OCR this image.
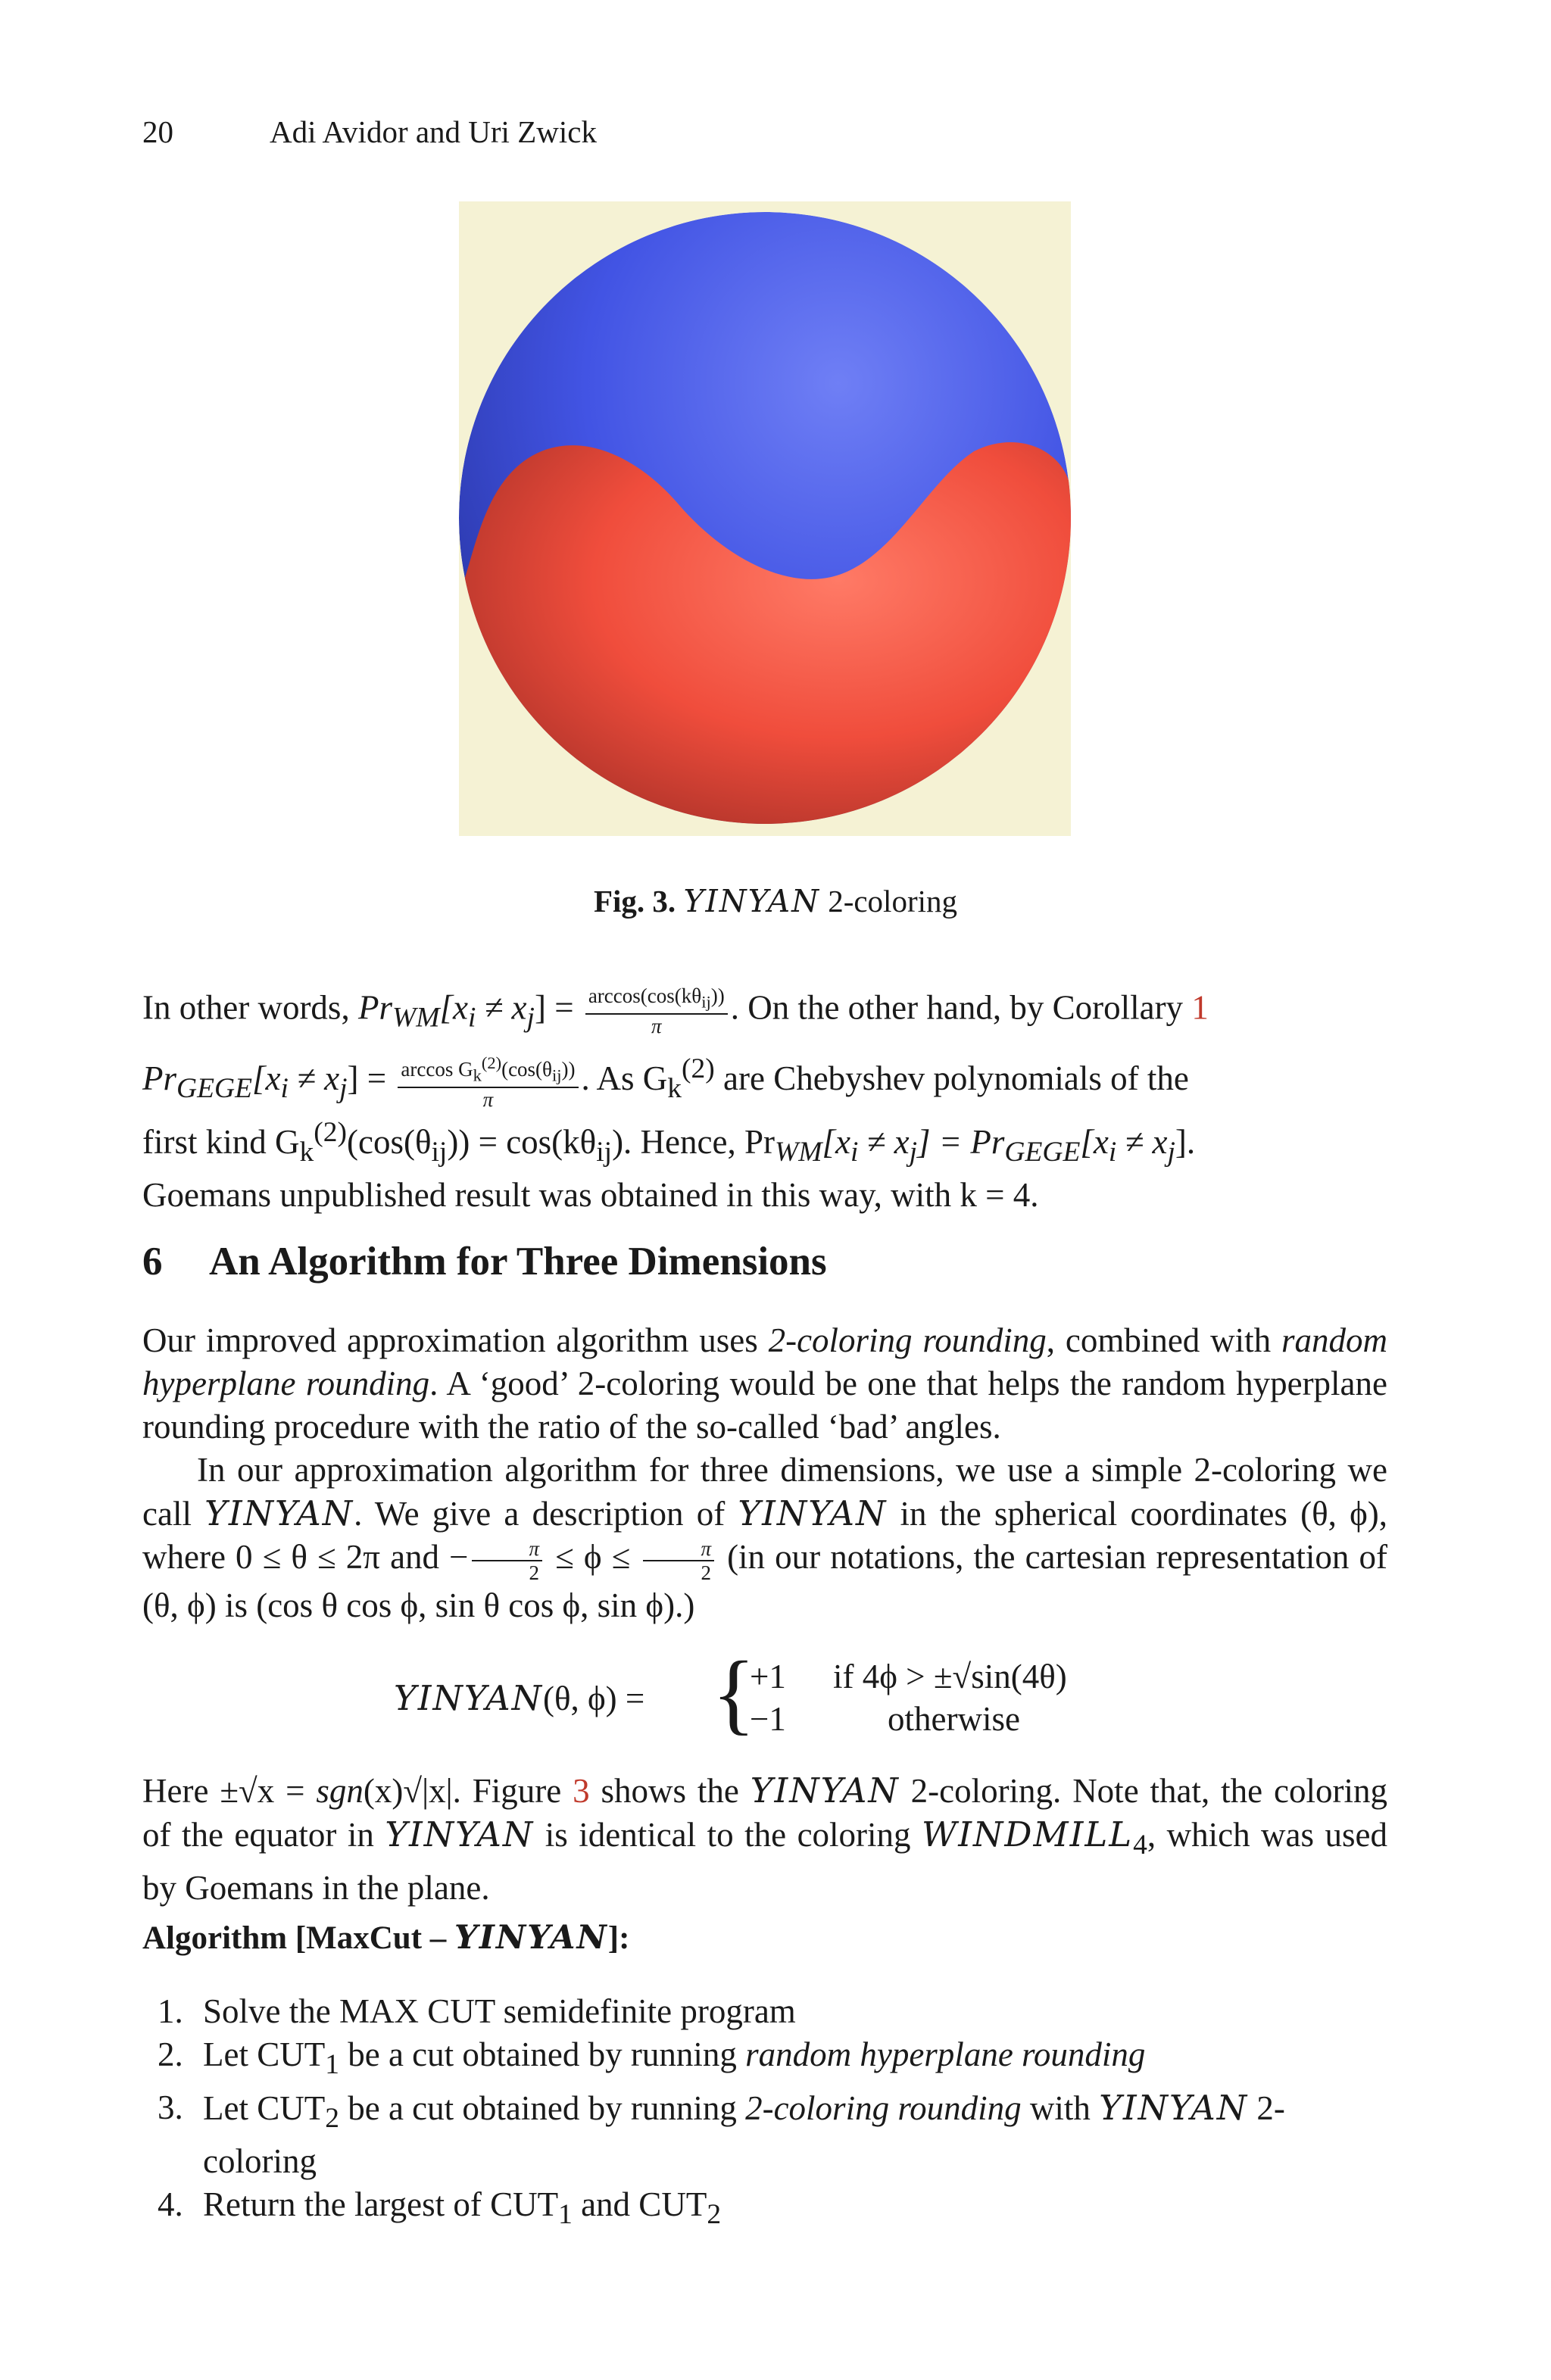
20	Adi Avidor and Uri Zwick
Fig. 3. YINYAN 2-coloring
In other words, $Pr_{WM}[x_i \ne x_j] = \frac{\arccos(\cos(k\theta_{ij}))}{\pi}$ . On the other hand, by Corollary 1
$Pr_{GEGE}[x_i \ne x_j] = \frac{\arccos G_k^{(2)}(\cos(\theta_{ij}))}{\pi}$ . As $G_k^{(2)}$ are Chebyshev polynomials of the
first kind $G_k^{(2)}(\cos(\theta_{ij})) = \cos(k\theta_{ij})$. Hence, $Pr_{WM}[x_i \ne x_j] = Pr_{GEGE}[x_i \ne x_j]$.
Goemans unpublished result was obtained in this way, with k = 4.
6 An Algorithm for Three Dimensions
Our improved approximation algorithm uses 2-coloring rounding, combined with random hyperplane rounding. A ‘good’ 2-coloring would be one that helps the random hyperplane rounding procedure with the ratio of the so-called ‘bad’ angles.
In our approximation algorithm for three dimensions, we use a simple 2-coloring we call YINYAN. We give a description of YINYAN in the spherical coordinates (θ, ϕ), where 0 ≤ θ ≤ 2π and − $\frac{\pi}{2} \le \phi \le \frac{\pi}{2} (in$ our notations, the cartesian representation of (θ, ϕ) is (cos θ cos ϕ, sin θ cos ϕ, sin ϕ).)
YINYAN(θ, ϕ) = {
+1 if 4ϕ > ±√sin(4θ)
−1	otherwise
Here ±√x = sgn(x)√|x|. Figure 3 shows the YINYAN 2-coloring. Note that, the coloring of the equator in YINYAN is identical to the coloring $WINDMILL_4$, which was used by Goemans in the plane.
Algorithm [MaxCut – YINYAN]:
1. Solve the MAX CUT semidefinite program
2. Let $CUT_1$ be a cut obtained by running random hyperplane rounding
3. Let $CUT_2$ be a cut obtained by running 2-coloring rounding with YINYAN 2-coloring
4. Return the largest of $CUT_1$ and $CUT_2$
